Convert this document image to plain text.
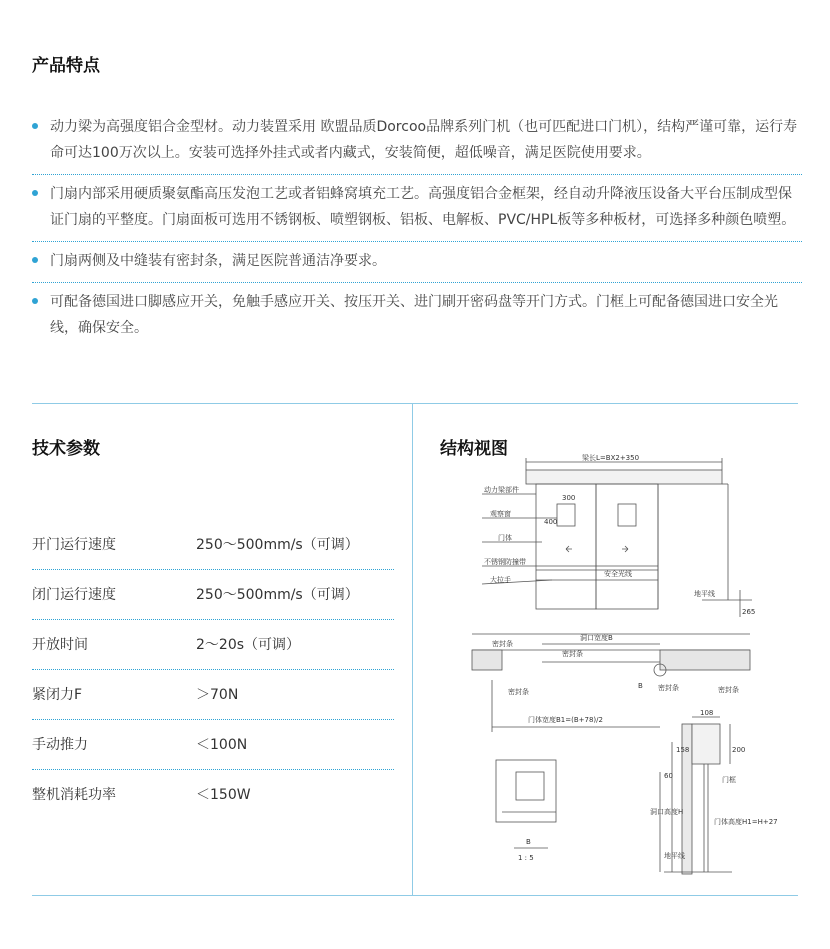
产品特点
动力梁为高强度铝合金型材。动力装置采用 欧盟品质Dorcoo品牌系列门机（也可匹配进口门机），结构严谨可靠，运行寿命可达100万次以上。安装可选择外挂式或者内藏式，安装简便，超低噪音，满足医院使用要求。
门扇内部采用硬质聚氨酯高压发泡工艺或者铝蜂窝填充工艺。高强度铝合金框架，经自动升降液压设备大平台压制成型保证门扇的平整度。门扇面板可选用不锈钢板、喷塑钢板、铝板、电解板、PVC/HPL板等多种板材，可选择多种颜色喷塑。
门扇两侧及中缝装有密封条，满足医院普通洁净要求。
可配备德国进口脚感应开关，免触手感应开关、按压开关、进门刷开密码盘等开门方式。门框上可配备德国进口安全光线，确保安全。
技术参数
开门运行速度	250～500mm/s（可调）
闭门运行速度	250～500mm/s（可调）
开放时间	2～20s（可调）
紧闭力F	＞70N
手动推力	＜100N
整机消耗功率	＜150W
结构视图	梁长L=BX2+350
动力梁部件
300
400
观察窗
门体
不锈钢防撞带
大拉手
安全光线
地平线
265
洞口宽度B
密封条
密封条
密封条	密封条	密封条
B
门体宽度B1=(B+78)/2
108
158	200
60	门框
洞口高度H
门体高度H1=H+27
地平线
B
1 : 5
